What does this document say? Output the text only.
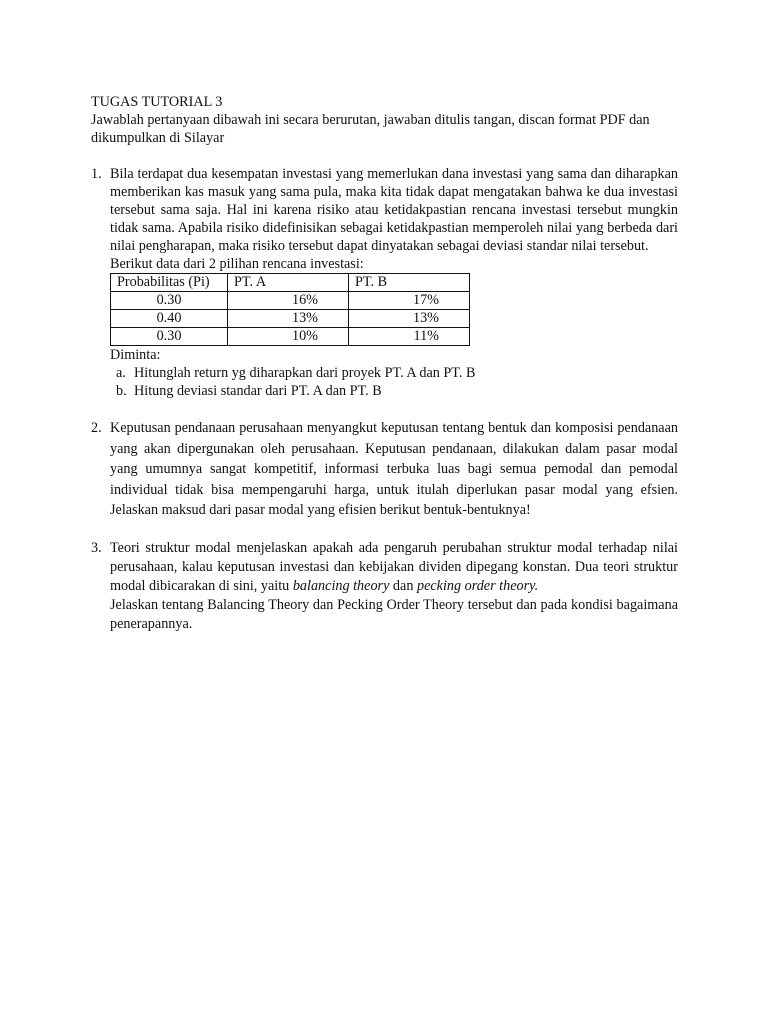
TUGAS TUTORIAL 3

Jawablah pertanyaan dibawah ini secara berurutan, jawaban ditulis tangan, discan format PDF dan dikumpulkan di Silayar

1. Bila terdapat dua kesempatan investasi yang memerlukan dana investasi yang sama dan diharapkan memberikan kas masuk yang sama pula, maka kita tidak dapat mengatakan bahwa ke dua investasi tersebut sama saja. Hal ini karena risiko atau ketidakpastian rencana investasi tersebut mungkin tidak sama. Apabila risiko didefinisikan sebagai ketidakpastian memperoleh nilai yang berbeda dari nilai pengharapan, maka risiko tersebut dapat dinyatakan sebagai deviasi standar nilai tersebut.

Berikut data dari 2 pilihan rencana investasi:

Probabilitas (Pi)	PT. A	PT. B
0.30	16%	17%
0.40	13%	13%
0.30	10%	11%

Diminta:

a. Hitunglah return yg diharapkan dari proyek PT. A dan PT. B
b. Hitung deviasi standar dari PT. A dan PT. B
2. Keputusan pendanaan perusahaan menyangkut keputusan tentang bentuk dan komposisi pendanaan yang akan dipergunakan oleh perusahaan. Keputusan pendanaan, dilakukan dalam pasar modal yang umumnya sangat kompetitif, informasi terbuka luas bagi semua pemodal dan pemodal individual tidak bisa mempengaruhi harga, untuk itulah diperlukan pasar modal yang efsien. Jelaskan maksud dari pasar modal yang efisien berikut bentuk-bentuknya!

3. Teori struktur modal menjelaskan apakah ada pengaruh perubahan struktur modal terhadap nilai perusahaan, kalau keputusan investasi dan kebijakan dividen dipegang konstan. Dua teori struktur modal dibicarakan di sini, yaitu balancing theory dan pecking order theory.

Jelaskan tentang Balancing Theory dan Pecking Order Theory tersebut dan pada kondisi bagaimana penerapannya.
